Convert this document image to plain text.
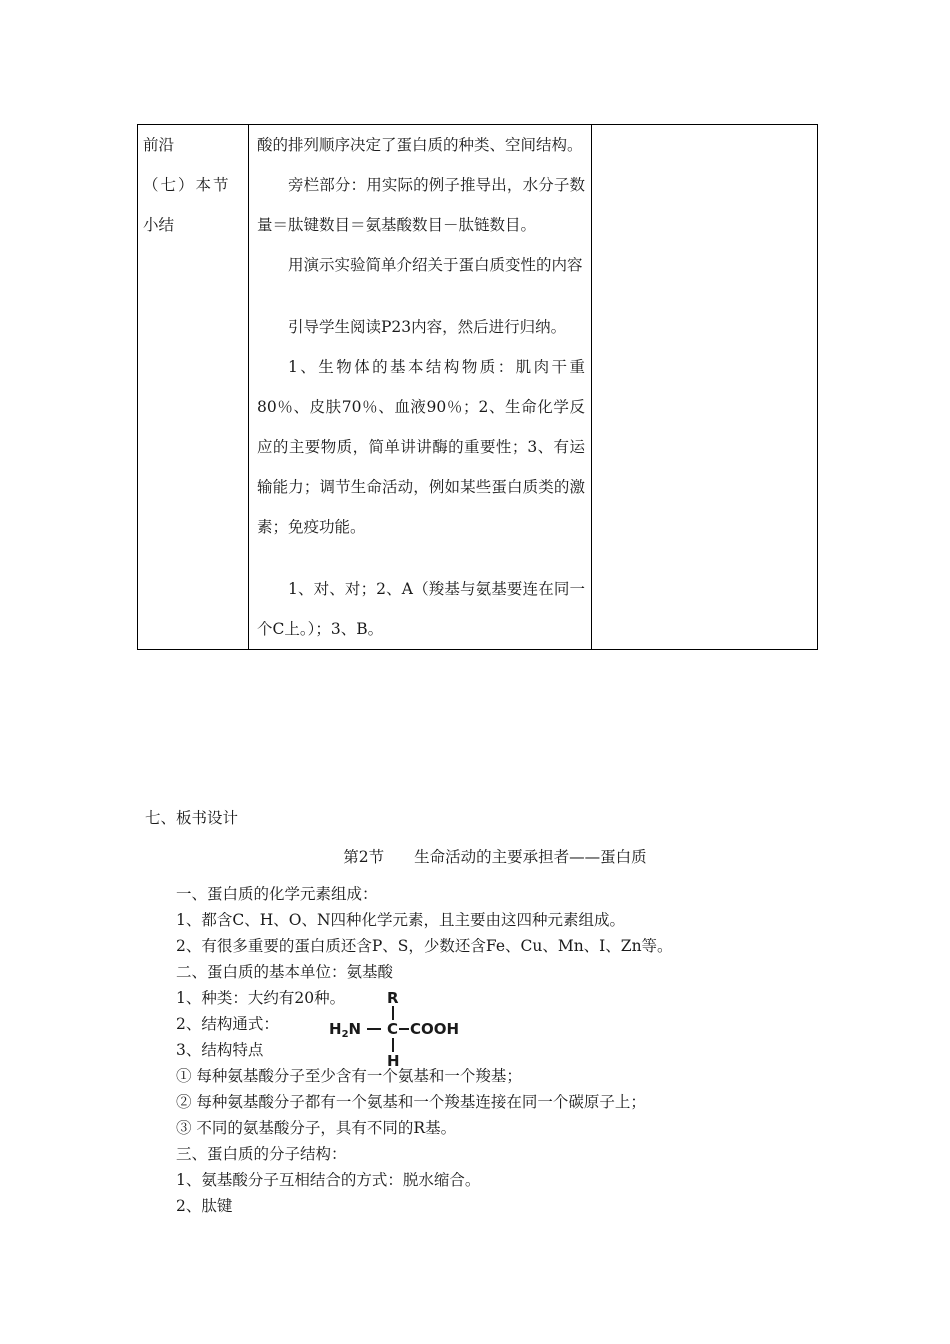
前沿
（七）本节
小结

酸的排列顺序决定了蛋白质的种类、空间结构。

旁栏部分：用实际的例子推导出，水分子数量＝肽键数目＝氨基酸数目－肽链数目。

用演示实验简单介绍关于蛋白质变性的内容

引导学生阅读P23内容，然后进行归纳。

1、生物体的基本结构物质：肌肉干重80％、皮肤70％、血液90％；2、生命化学反应的主要物质，简单讲讲酶的重要性；3、有运输能力；调节生命活动，例如某些蛋白质类的激素；免疫功能。

1、对、对；2、A（羧基与氨基要连在同一个C上。）；3、B。

七、板书设计
第2节 生命活动的主要承担者——蛋白质
一、蛋白质的化学元素组成：
1、都含C、H、O、N四种化学元素，且主要由这四种元素组成。
2、有很多重要的蛋白质还含P、S，少数还含Fe、Cu、Mn、I、Zn等。
二、蛋白质的基本单位：氨基酸
1、种类：大约有20种。
2、结构通式：
3、结构特点
① 每种氨基酸分子至少含有一个氨基和一个羧基；
② 每种氨基酸分子都有一个氨基和一个羧基连接在同一个碳原子上；
③ 不同的氨基酸分子，具有不同的R基。
三、蛋白质的分子结构：
1、氨基酸分子互相结合的方式：脱水缩合。
2、肽键
R
$H_2N$ C COOH
H
